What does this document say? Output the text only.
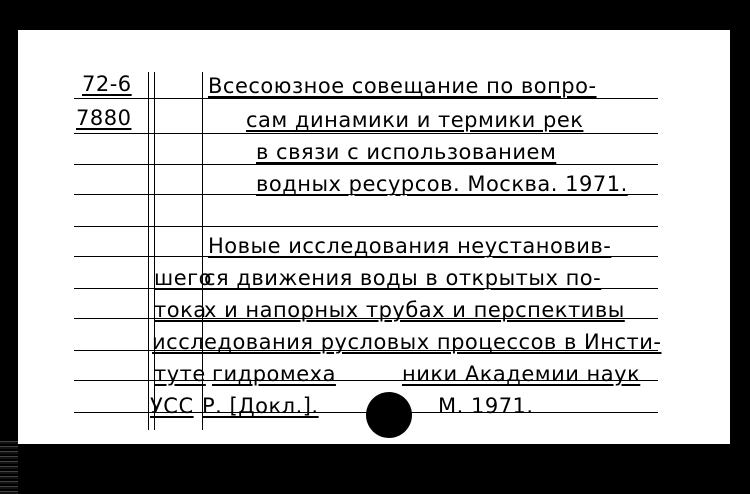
72-6
7880
Всесоюзное совещание по вопро-
сам динамики и термики рек
в связи с использованием
водных ресурсов. Москва. 1971.
Новые исследования неустановив-
шего
ся движения воды в открытых по-
тока
х и напорных трубах и перспективы
иссл едования русловых процессов в Инсти-
туте гидромеха	ники Академии наук
УСС Р. [Докл.].	М. 1971.
